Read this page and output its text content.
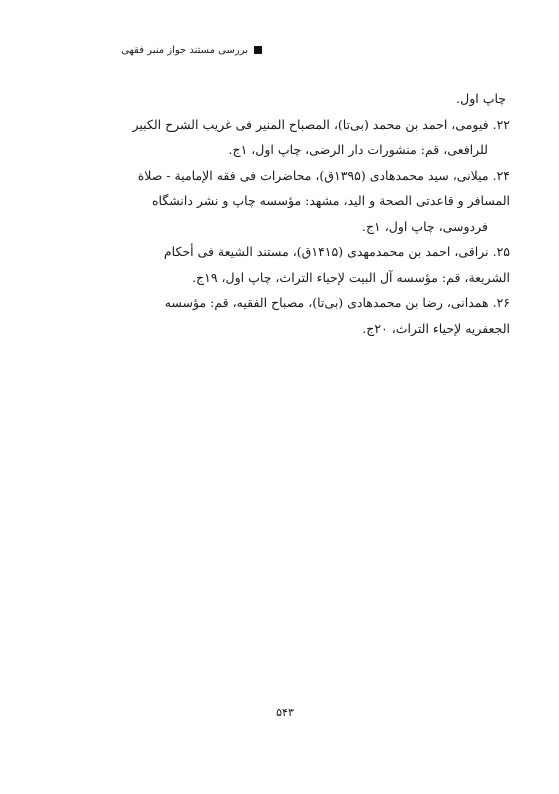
بررسی مستند جواز منبر فقهی
چاپ اول.
۲۲. فیومی، احمد بن محمد (بی‌تا)، المصباح المنیر فی غریب الشرح الکبیر
للرافعی، قم: منشورات دار الرضی، چاپ اول، ۱ج.
۲۴. میلانی، سید محمدهادی (۱۳۹۵ق)، محاضرات فی فقه الإمامیة - صلاة
المسافر و قاعدتی الصحة و الید، مشهد: مؤسسه چاپ و نشر دانشگاه
فردوسی، چاپ اول، ۱ج.
۲۵. نراقی، احمد بن محمدمهدی (۱۴۱۵ق)، مستند الشیعة فی أحکام
الشریعة، قم: مؤسسه آل البیت لإحیاء التراث، چاپ اول، ۱۹ج.
۲۶. همدانی، رضا بن محمدهادی (بی‌تا)، مصباح الفقیه، قم: مؤسسه
الجعفریه لإحیاء التراث، ۲۰ج.
۵۴۳
